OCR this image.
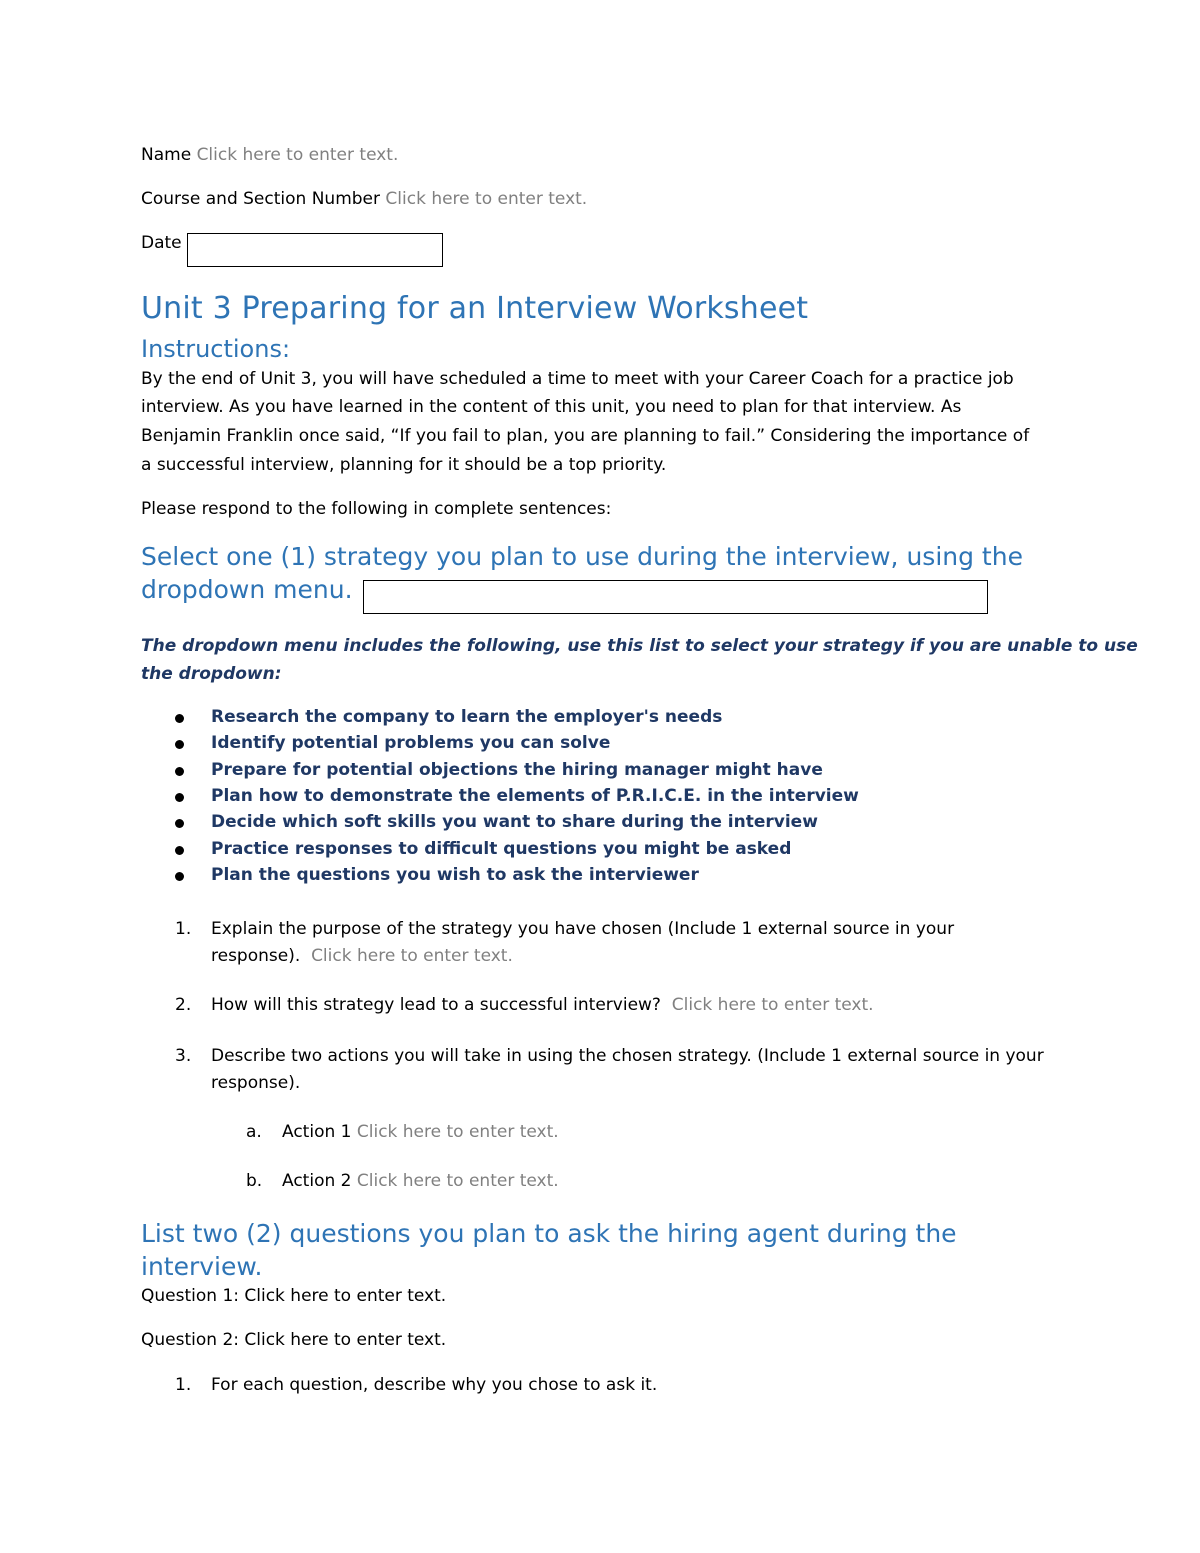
Name Click here to enter text.
Course and Section Number Click here to enter text.
Date
Unit 3 Preparing for an Interview Worksheet
Instructions:
By the end of Unit 3, you will have scheduled a time to meet with your Career Coach for a practice job
interview. As you have learned in the content of this unit, you need to plan for that interview. As
Benjamin Franklin once said, “If you fail to plan, you are planning to fail.” Considering the importance of
a successful interview, planning for it should be a top priority.
Please respond to the following in complete sentences:
Select one (1) strategy you plan to use during the interview, using the
dropdown menu.
The dropdown menu includes the following, use this list to select your strategy if you are unable to use
the dropdown:
Research the company to learn the employer's needs
Identify potential problems you can solve
Prepare for potential objections the hiring manager might have
Plan how to demonstrate the elements of P.R.I.C.E. in the interview
Decide which soft skills you want to share during the interview
Practice responses to difficult questions you might be asked
Plan the questions you wish to ask the interviewer
1. Explain the purpose of the strategy you have chosen (Include 1 external source in your
response). Click here to enter text.
2. How will this strategy lead to a successful interview? Click here to enter text.
3. Describe two actions you will take in using the chosen strategy. (Include 1 external source in your
response).
a. Action 1 Click here to enter text.
b. Action 2 Click here to enter text.
List two (2) questions you plan to ask the hiring agent during the
interview.
Question 1: Click here to enter text.
Question 2: Click here to enter text.
1. For each question, describe why you chose to ask it.
